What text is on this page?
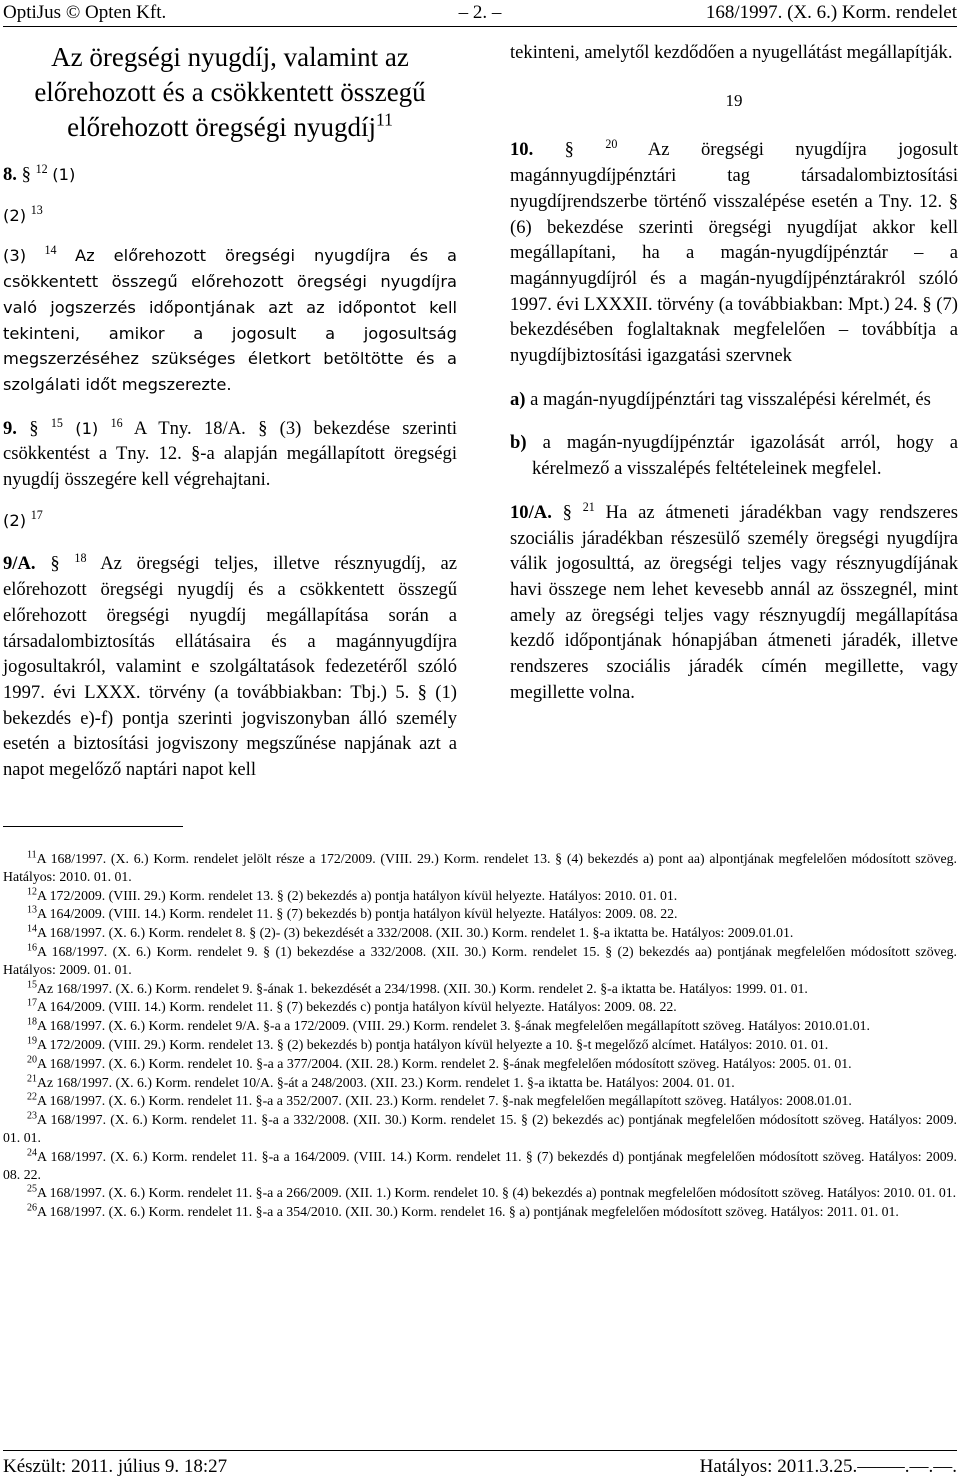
OptiJus © Opten Kft.	– 2. –	168/1997. (X. 6.) Korm. rendelet
Az öregségi nyugdíj, valamint az
előrehozott és a csökkentett összegű
előrehozott öregségi nyugdíj$^{11}$

8. § $^{12}$ (1)

(2) $^{13}$

(3) $^{14}$ Az előrehozott öregségi nyugdíjra és a csökkentett összegű előrehozott öregségi nyugdíjra való jogszerzés időpontjának azt az időpontot kell tekinteni, amikor a jogosult a jogosultság megszerzéséhez szükséges életkort betöltötte és a szolgálati időt megszerezte.

9. § $^{15}$ (1) $^{16}$ A Tny. 18/A. § (3) bekezdése szerinti csökkentést a Tny. 12. §-a alapján megállapított öregségi nyugdíj összegére kell végrehajtani.

(2) $^{17}$

9/A. § $^{18}$ Az öregségi teljes, illetve résznyugdíj, az előrehozott öregségi nyugdíj és a csökkentett összegű előrehozott öregségi nyugdíj megállapítása során a társadalombiztosítás ellátásaira és a magánnyugdíjra jogosultakról, valamint e szolgáltatások fedezetéről szóló 1997. évi LXXX. törvény (a továbbiakban: Tbj.) 5. § (1) bekezdés e)-f) pontja szerinti jogviszonyban álló személy esetén a biztosítási jogviszony megszűnése napjának azt a napot megelőző naptári napot kell

tekinteni, amelytől kezdődően a nyugellátást megállapítják.

19

10. §	$^{20}$ Az öregségi nyugdíjra jogosult magánnyugdíjpénztári tag társadalombiztosítási nyugdíjrendszerbe történő visszalépése esetén a Tny. 12. § (6) bekezdése szerinti öregségi nyugdíjat akkor kell megállapítani, ha a magán-nyugdíjpénztár – a magánnyugdíjról és a magán-nyugdíjpénztárakról szóló 1997. évi LXXXII. törvény (a továbbiakban: Mpt.) 24. § (7) bekezdésében foglaltaknak megfelelően – továbbítja a nyugdíjbiztosítási igazgatási szervnek

a) a magán-nyugdíjpénztári tag visszalépési kérelmét, és

b) a magán-nyugdíjpénztár igazolását arról, hogy a kérelmező a visszalépés feltételeinek megfelel.

10/A. § $^{21}$ Ha az átmeneti járadékban vagy rendszeres szociális járadékban részesülő személy öregségi nyugdíjra válik jogosulttá, az öregségi teljes vagy résznyugdíjának havi összege nem lehet kevesebb annál az összegnél, mint amely az öregségi teljes vagy résznyugdíj megállapítása kezdő időpontjának hónapjában átmeneti járadék, illetve rendszeres szociális járadék címén megillette, vagy megillette volna.

$^{11}$A 168/1997. (X. 6.) Korm. rendelet jelölt része a 172/2009. (VIII. 29.) Korm. rendelet 13. § (4) bekezdés a) pont aa) alpontjának megfelelően módosított szöveg. Hatályos: 2010. 01. 01.

$^{12}$A 172/2009. (VIII. 29.) Korm. rendelet 13. § (2) bekezdés a) pontja hatályon kívül helyezte. Hatályos: 2010. 01. 01.

$^{13}$A 164/2009. (VIII. 14.) Korm. rendelet 11. § (7) bekezdés b) pontja hatályon kívül helyezte. Hatályos: 2009. 08. 22.

$^{14}$A 168/1997. (X. 6.) Korm. rendelet 8. § (2)- (3) bekezdését a 332/2008. (XII. 30.) Korm. rendelet 1. §-a iktatta be. Hatályos: 2009.01.01.

$^{16}$A 168/1997. (X. 6.) Korm. rendelet 9. § (1) bekezdése a 332/2008. (XII. 30.) Korm. rendelet 15. § (2) bekezdés aa) pontjának megfelelően módosított szöveg. Hatályos: 2009. 01. 01.

$^{15}$Az 168/1997. (X. 6.) Korm. rendelet 9. §-ának 1. bekezdését a 234/1998. (XII. 30.) Korm. rendelet 2. §-a iktatta be. Hatályos: 1999. 01. 01.

$^{17}$A 164/2009. (VIII. 14.) Korm. rendelet 11. § (7) bekezdés c) pontja hatályon kívül helyezte. Hatályos: 2009. 08. 22.

$^{18}$A 168/1997. (X. 6.) Korm. rendelet 9/A. §-a a 172/2009. (VIII. 29.) Korm. rendelet 3. §-ának megfelelően megállapított szöveg. Hatályos: 2010.01.01.

$^{19}$A 172/2009. (VIII. 29.) Korm. rendelet 13. § (2) bekezdés b) pontja hatályon kívül helyezte a 10. §-t megelőző alcímet. Hatályos: 2010. 01. 01.

$^{20}$A 168/1997. (X. 6.) Korm. rendelet 10. §-a a 377/2004. (XII. 28.) Korm. rendelet 2. §-ának megfelelően módosított szöveg. Hatályos: 2005. 01. 01.

$^{21}$Az 168/1997. (X. 6.) Korm. rendelet 10/A. §-át a 248/2003. (XII. 23.) Korm. rendelet 1. §-a iktatta be. Hatályos: 2004. 01. 01.

$^{22}$A 168/1997. (X. 6.) Korm. rendelet 11. §-a a 352/2007. (XII. 23.) Korm. rendelet 7. §-nak megfelelően megállapított szöveg. Hatályos: 2008.01.01.

$^{23}$A 168/1997. (X. 6.) Korm. rendelet 11. §-a a 332/2008. (XII. 30.) Korm. rendelet 15. § (2) bekezdés ac) pontjának megfelelően módosított szöveg. Hatályos: 2009. 01. 01.

$^{24}$A 168/1997. (X. 6.) Korm. rendelet 11. §-a a 164/2009. (VIII. 14.) Korm. rendelet 11. § (7) bekezdés d) pontjának megfelelően módosított szöveg. Hatályos: 2009. 08. 22.

$^{25}$A 168/1997. (X. 6.) Korm. rendelet 11. §-a a 266/2009. (XII. 1.) Korm. rendelet 10. § (4) bekezdés a) pontnak megfelelően módosított szöveg. Hatályos: 2010. 01. 01.

$^{26}$A 168/1997. (X. 6.) Korm. rendelet 11. §-a a 354/2010. (XII. 30.) Korm. rendelet 16. § a) pontjának megfelelően módosított szöveg. Hatályos: 2011. 01. 01.

Készült: 2011. július 9. 18:27	Hatályos: 2011.3.25.–––––.––.––.
